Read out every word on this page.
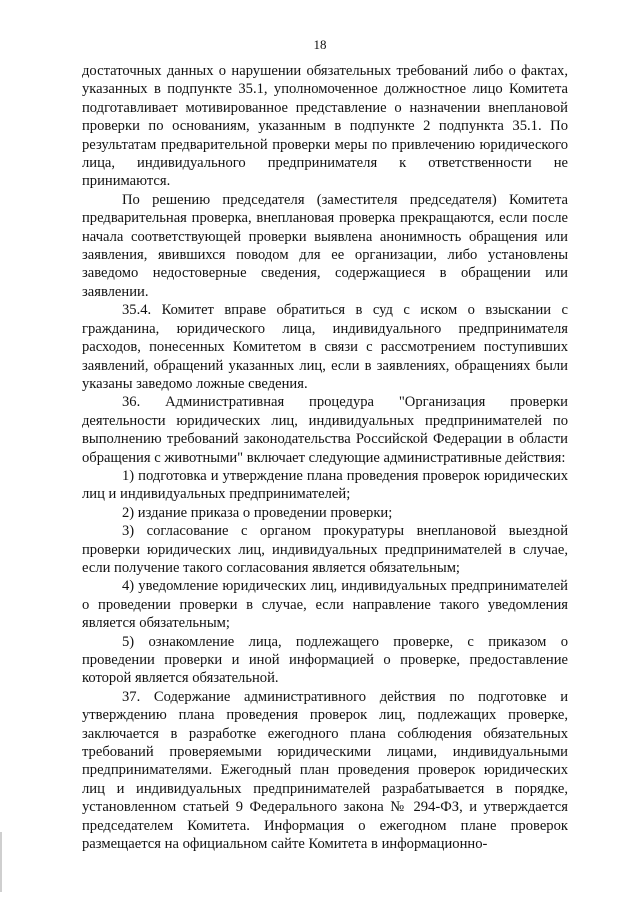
18

достаточных данных о нарушении обязательных требований либо о фактах, указанных в подпункте 35.1, уполномоченное должностное лицо Комитета подготавливает мотивированное представление о назначении внеплановой проверки по основаниям, указанным в подпункте 2 подпункта 35.1. По результатам предварительной проверки меры по привлечению юридического лица, индивидуального предпринимателя к ответственности не принимаются.

По решению председателя (заместителя председателя) Комитета предварительная проверка, внеплановая проверка прекращаются, если после начала соответствующей проверки выявлена анонимность обращения или заявления, явившихся поводом для ее организации, либо установлены заведомо недостоверные сведения, содержащиеся в обращении или заявлении.

35.4. Комитет вправе обратиться в суд с иском о взыскании с гражданина, юридического лица, индивидуального предпринимателя расходов, понесенных Комитетом в связи с рассмотрением поступивших заявлений, обращений указанных лиц, если в заявлениях, обращениях были указаны заведомо ложные сведения.

36. Административная процедура "Организация проверки деятельности юридических лиц, индивидуальных предпринимателей по выполнению требований законодательства Российской Федерации в области обращения с животными" включает следующие административные действия:

1) подготовка и утверждение плана проведения проверок юридических лиц и индивидуальных предпринимателей;

2) издание приказа о проведении проверки;

3) согласование с органом прокуратуры внеплановой выездной проверки юридических лиц, индивидуальных предпринимателей в случае, если получение такого согласования является обязательным;

4) уведомление юридических лиц, индивидуальных предпринимателей о проведении проверки в случае, если направление такого уведомления является обязательным;

5) ознакомление лица, подлежащего проверке, с приказом о проведении проверки и иной информацией о проверке, предоставление которой является обязательной.

37. Содержание административного действия по подготовке и утверждению плана проведения проверок лиц, подлежащих проверке, заключается в разработке ежегодного плана соблюдения обязательных требований проверяемыми юридическими лицами, индивидуальными предпринимателями. Ежегодный план проведения проверок юридических лиц и индивидуальных предпринимателей разрабатывается в порядке, установленном статьей 9 Федерального закона № 294-ФЗ, и утверждается председателем Комитета. Информация о ежегодном плане проверок размещается на официальном сайте Комитета в информационно-
